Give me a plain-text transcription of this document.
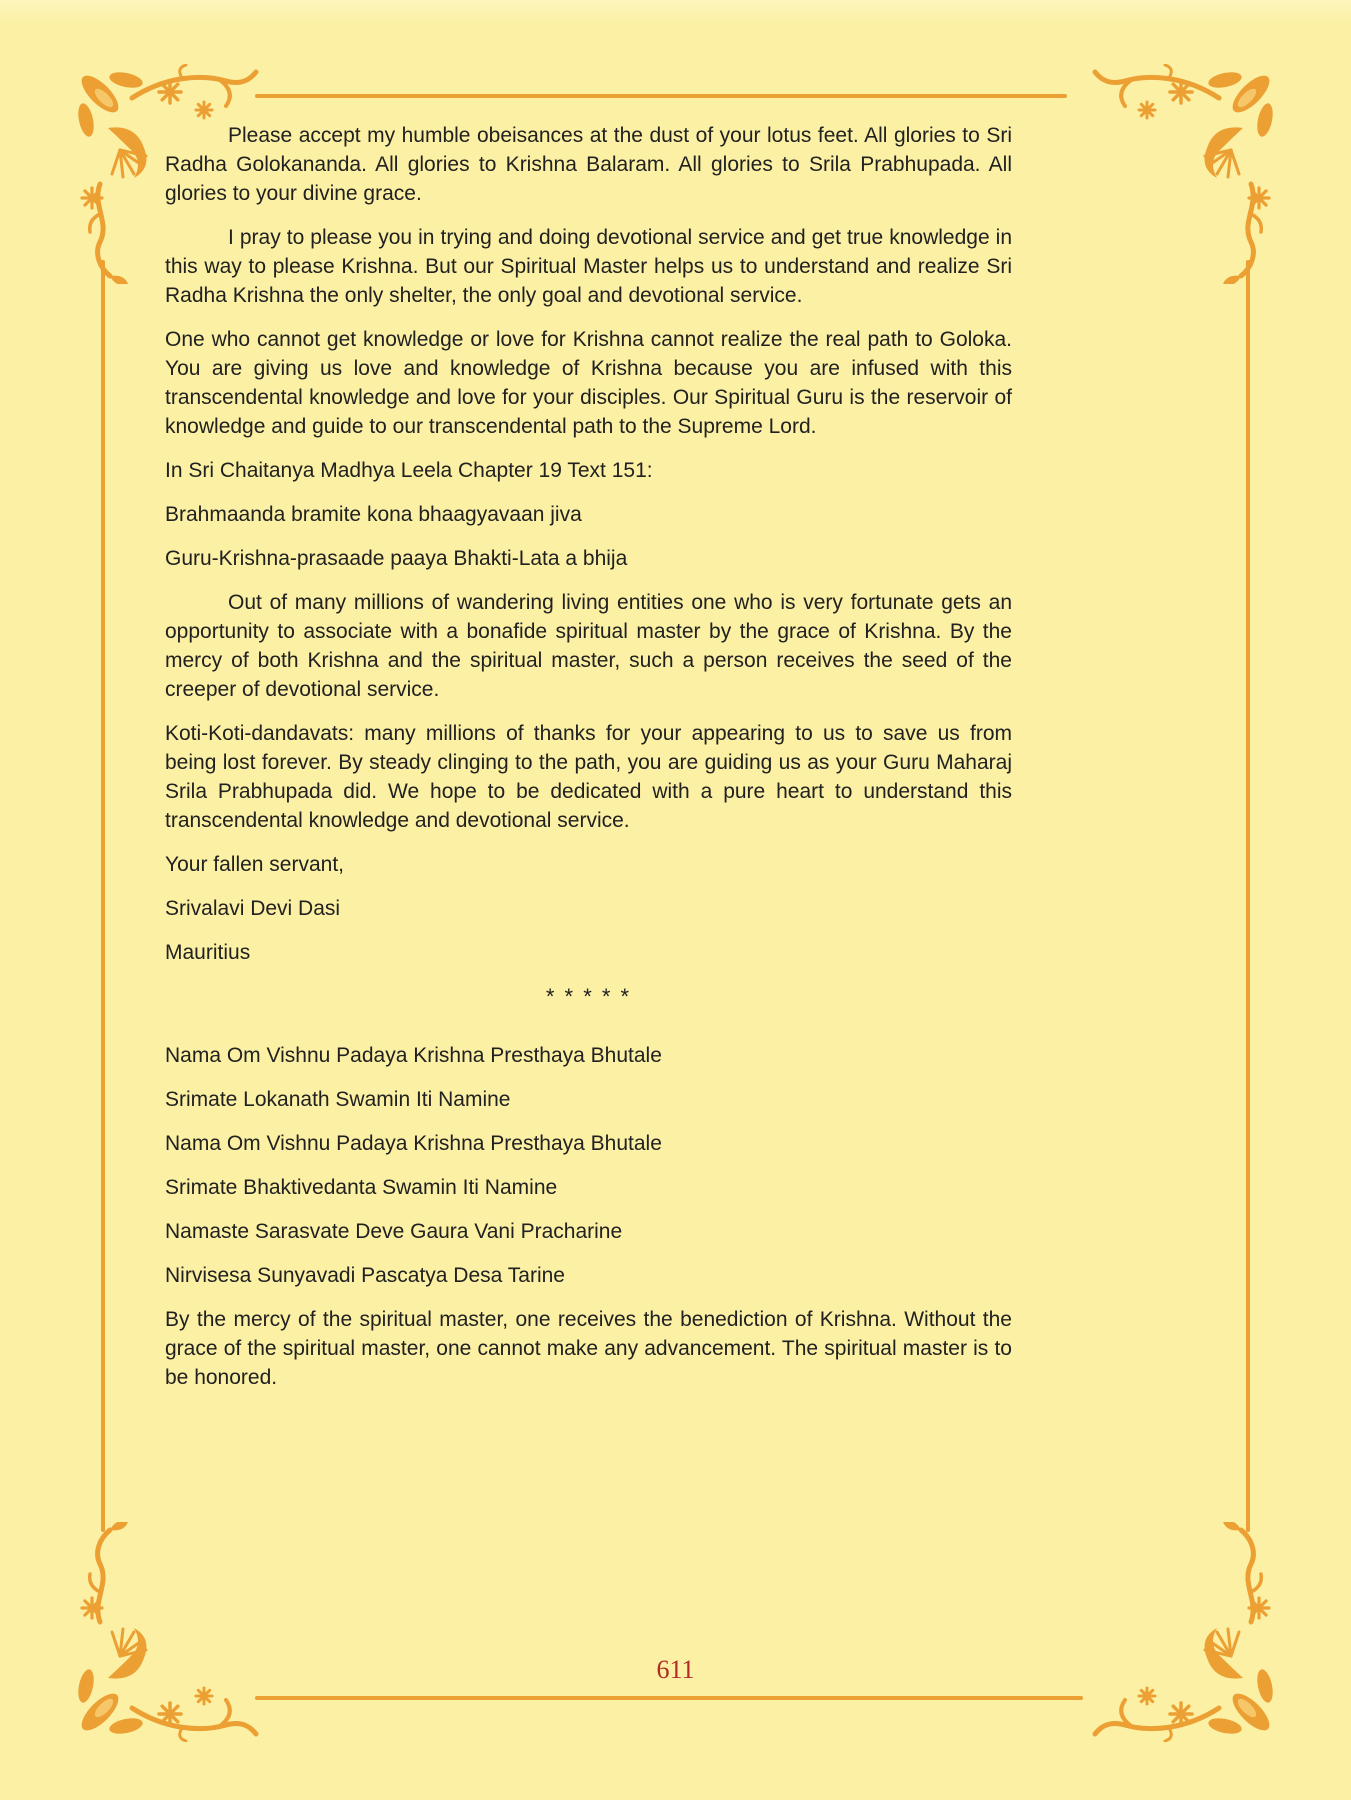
Please accept my humble obeisances at the dust of your lotus feet. All glories to Sri Radha Golokananda. All glories to Krishna Balaram. All glories to Srila Prabhupada. All glories to your divine grace.

I pray to please you in trying and doing devotional service and get true knowledge in this way to please Krishna. But our Spiritual Master helps us to understand and realize Sri Radha Krishna the only shelter, the only goal and devotional service.

One who cannot get knowledge or love for Krishna cannot realize the real path to Goloka. You are giving us love and knowledge of Krishna because you are infused with this transcendental knowledge and love for your disciples. Our Spiritual Guru is the reservoir of knowledge and guide to our transcendental path to the Supreme Lord.

In Sri Chaitanya Madhya Leela Chapter 19 Text 151:

Brahmaanda bramite kona bhaagyavaan jiva

Guru-Krishna-prasaade paaya Bhakti-Lata a bhija

Out of many millions of wandering living entities one who is very fortunate gets an opportunity to associate with a bonafide spiritual master by the grace of Krishna. By the mercy of both Krishna and the spiritual master, such a person receives the seed of the creeper of devotional service.

Koti-Koti-dandavats: many millions of thanks for your appearing to us to save us from being lost forever. By steady clinging to the path, you are guiding us as your Guru Maharaj Srila Prabhupada did. We hope to be dedicated with a pure heart to understand this transcendental knowledge and devotional service.

Your fallen servant,

Srivalavi Devi Dasi

Mauritius

* * * * *

Nama Om Vishnu Padaya Krishna Presthaya Bhutale

Srimate Lokanath Swamin Iti Namine

Nama Om Vishnu Padaya Krishna Presthaya Bhutale

Srimate Bhaktivedanta Swamin Iti Namine

Namaste Sarasvate Deve Gaura Vani Pracharine

Nirvisesa Sunyavadi Pascatya Desa Tarine

By the mercy of the spiritual master, one receives the benediction of Krishna. Without the grace of the spiritual master, one cannot make any advancement. The spiritual master is to be honored.

611
